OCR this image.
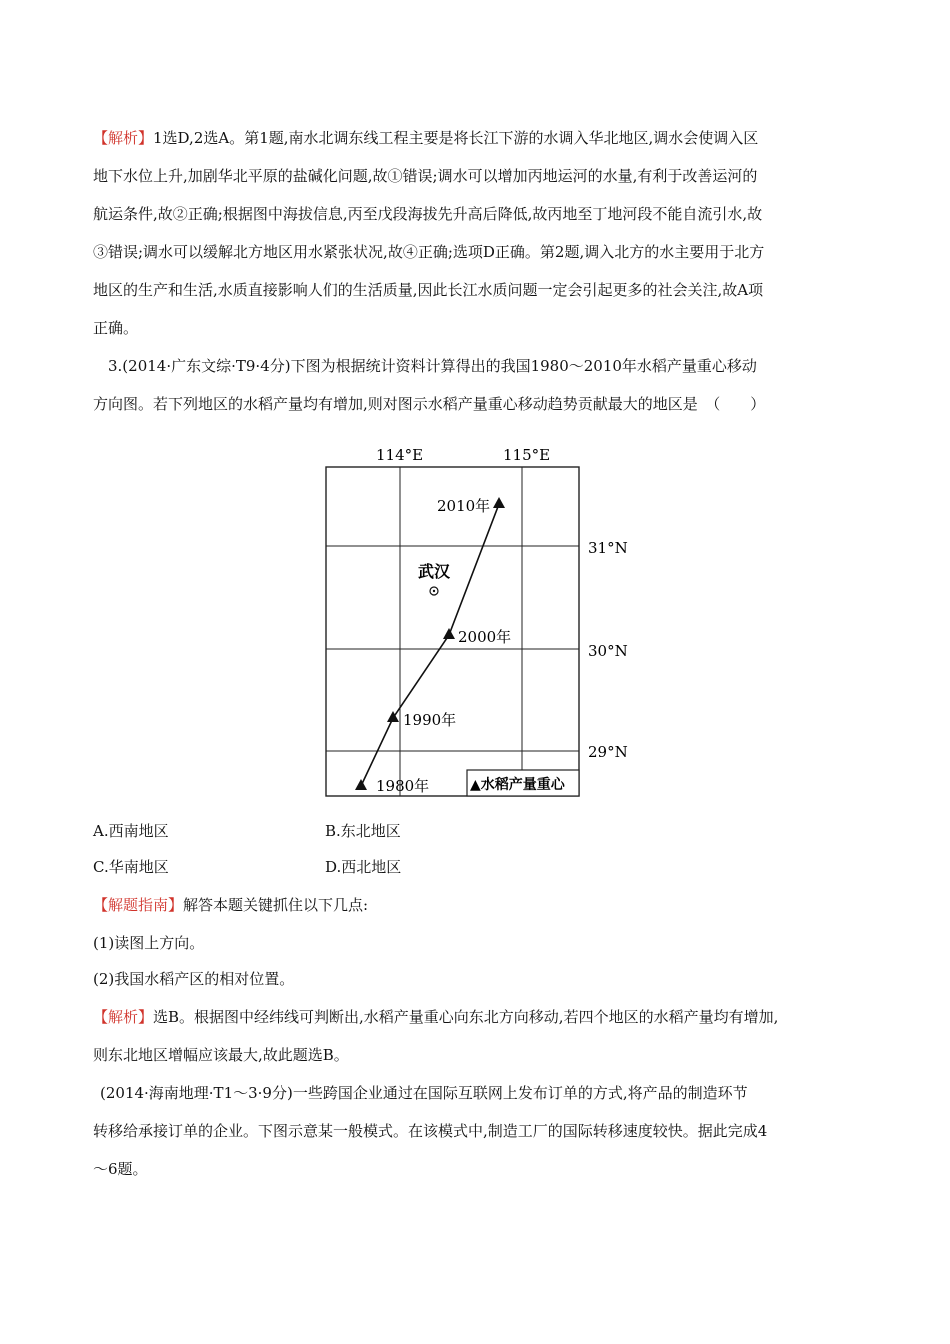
【解析】1选D,2选A。第1题,南水北调东线工程主要是将长江下游的水调入华北地区,调水会使调入区
地下水位上升,加剧华北平原的盐碱化问题,故①错误;调水可以增加丙地运河的水量,有利于改善运河的
航运条件,故②正确;根据图中海拔信息,丙至戊段海拔先升高后降低,故丙地至丁地河段不能自流引水,故
③错误;调水可以缓解北方地区用水紧张状况,故④正确;选项D正确。第2题,调入北方的水主要用于北方
地区的生产和生活,水质直接影响人们的生活质量,因此长江水质问题一定会引起更多的社会关注,故A项
正确。
3.(2014·广东文综·T9·4分)下图为根据统计资料计算得出的我国1980～2010年水稻产量重心移动
方向图。若下列地区的水稻产量均有增加,则对图示水稻产量重心移动趋势贡献最大的地区是　（　　）
114°E	115°E
31°N
30°N
29°N
武汉
1980年
1990年
2000年
2010年
▲水稻产量重心
A.西南地区	B.东北地区
C.华南地区	D.西北地区
【解题指南】解答本题关键抓住以下几点:
(1)读图上方向。
(2)我国水稻产区的相对位置。
【解析】选B。根据图中经纬线可判断出,水稻产量重心向东北方向移动,若四个地区的水稻产量均有增加,
则东北地区增幅应该最大,故此题选B。
(2014·海南地理·T1～3·9分)一些跨国企业通过在国际互联网上发布订单的方式,将产品的制造环节
转移给承接订单的企业。下图示意某一般模式。在该模式中,制造工厂的国际转移速度较快。据此完成4
～6题。
